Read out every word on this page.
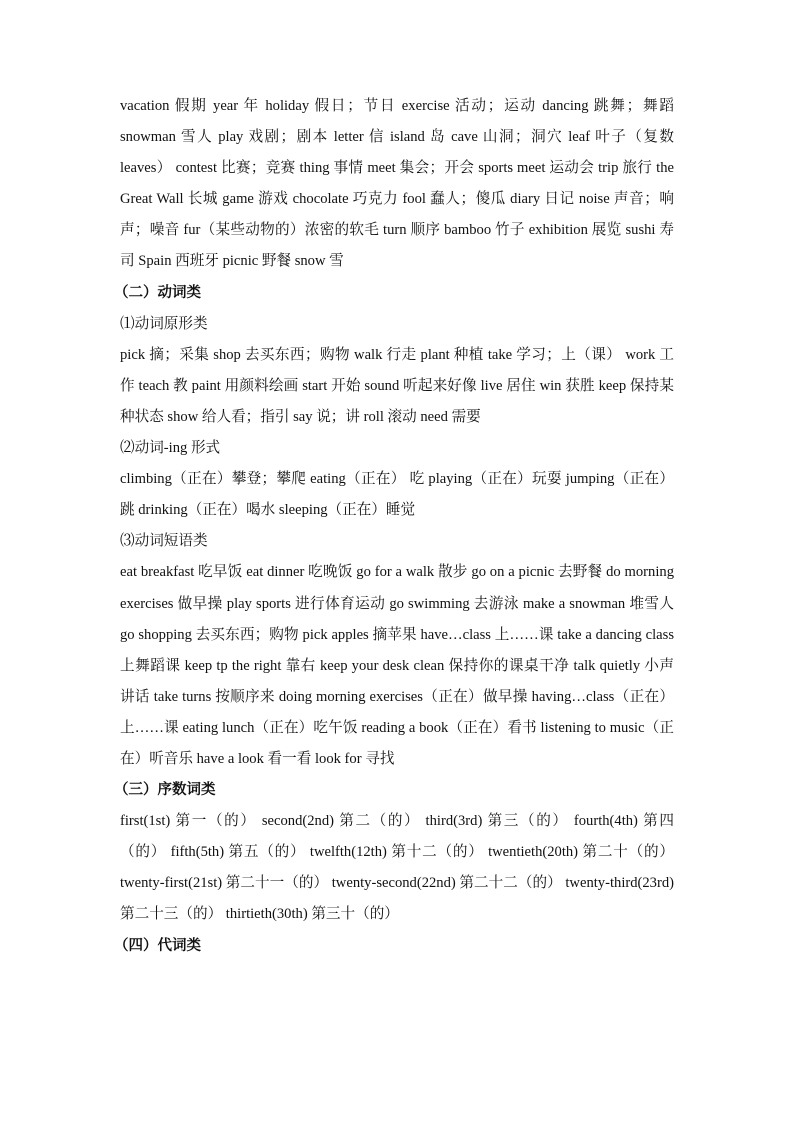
vacation 假期 year 年 holiday 假日；节日 exercise 活动；运动 dancing 跳舞；舞蹈 snowman 雪人 play 戏剧；剧本 letter 信 island 岛 cave 山洞；洞穴 leaf 叶子（复数 leaves） contest 比赛；竞赛 thing 事情 meet 集会；开会 sports meet 运动会 trip 旅行 the Great Wall 长城 game 游戏 chocolate 巧克力 fool 蠢人；傻瓜 diary 日记 noise 声音；响声；噪音 fur（某些动物的）浓密的软毛 turn 顺序 bamboo 竹子 exhibition 展览 sushi 寿司 Spain 西班牙 picnic 野餐 snow 雪

（二）动词类

⑴动词原形类

pick 摘；采集 shop 去买东西；购物 walk 行走 plant 种植 take 学习；上（课） work 工作 teach 教 paint 用颜料绘画 start 开始 sound 听起来好像 live 居住 win 获胜 keep 保持某种状态 show 给人看；指引 say 说；讲 roll 滚动 need 需要

⑵动词-ing 形式

climbing（正在）攀登；攀爬 eating（正在） 吃 playing（正在）玩耍 jumping（正在）跳 drinking（正在）喝水 sleeping（正在）睡觉

⑶动词短语类

eat breakfast 吃早饭 eat dinner 吃晚饭 go for a walk 散步 go on a picnic 去野餐 do morning exercises 做早操 play sports 进行体育运动 go swimming 去游泳 make a snowman 堆雪人 go shopping 去买东西；购物 pick apples 摘苹果 have…class 上……课 take a dancing class 上舞蹈课 keep tp the right 靠右 keep your desk clean 保持你的课桌干净 talk quietly 小声讲话 take turns 按顺序来 doing morning exercises（正在）做早操 having…class（正在）上……课 eating lunch（正在）吃午饭 reading a book（正在）看书 listening to music（正在）听音乐 have a look 看一看 look for 寻找

（三）序数词类

first(1st) 第一（的） second(2nd) 第二（的） third(3rd) 第三（的） fourth(4th) 第四（的） fifth(5th) 第五（的） twelfth(12th) 第十二（的） twentieth(20th) 第二十（的） twenty-first(21st) 第二十一（的） twenty-second(22nd) 第二十二（的） twenty-third(23rd) 第二十三（的） thirtieth(30th) 第三十（的）

（四）代词类
